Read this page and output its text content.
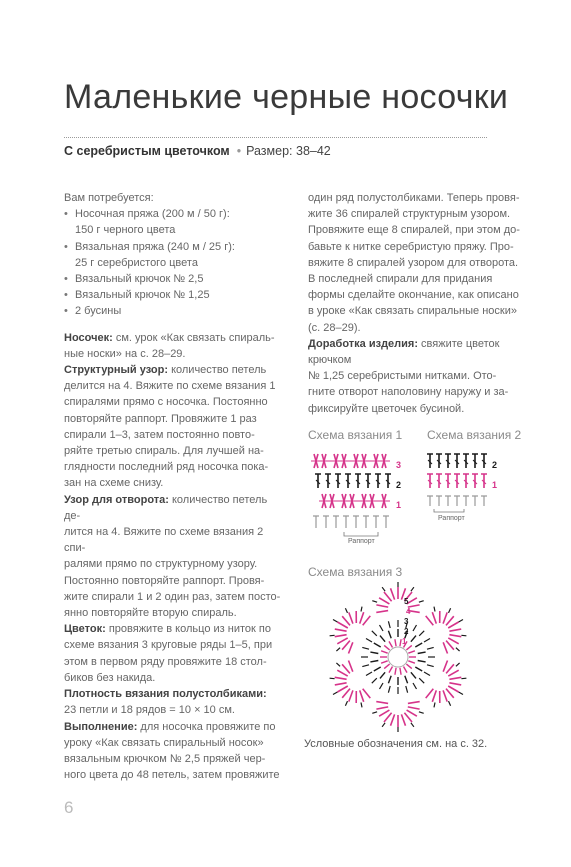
Маленькие черные носочки
С серебристым цветочком • Размер: 38–42

Вам потребуется:

• Носочная пряжа (200 м / 50 г):

150 г черного цвета

• Вязальная пряжа (240 м / 25 г):

25 г серебристого цвета

• Вязальный крючок № 2,5

• Вязальный крючок № 1,25

• 2 бусины

Носочек: см. урок «Как связать спираль-

ные носки» на с. 28–29.

Структурный узор: количество петель

делится на 4. Вяжите по схеме вязания 1

спиралями прямо с носочка. Постоянно

повторяйте раппорт. Провяжите 1 раз

спирали 1–3, затем постоянно повто-

ряйте третью спираль. Для лучшей на-

глядности последний ряд носочка пока-

зан на схеме снизу.

Узор для отворота: количество петель де-

лится на 4. Вяжите по схеме вязания 2 спи-

ралями прямо по структурному узору.

Постоянно повторяйте раппорт. Провя-

жите спирали 1 и 2 один раз, затем посто-

янно повторяйте вторую спираль.

Цветок: провяжите в кольцо из ниток по

схеме вязания 3 круговые ряды 1–5, при

этом в первом ряду провяжите 18 стол-

биков без накида.

Плотность вязания полустолбиками:

23 петли и 18 рядов = 10 × 10 см.

Выполнение: для носочка провяжите по

уроку «Как связать спиральный носок»

вязальным крючком № 2,5 пряжей чер-

ного цвета до 48 петель, затем провяжите

один ряд полустолбиками. Теперь провя-

жите 36 спиралей структурным узором.

Провяжите еще 8 спиралей, при этом до-

бавьте к нитке серебристую пряжу. Про-

вяжите 8 спиралей узором для отворота.

В последней спирали для придания

формы сделайте окончание, как описано

в уроке «Как связать спиральные носки»

(с. 28–29).

Доработка изделия: свяжите цветок крючком

№ 1,25 серебристыми нитками. Ото-

гните отворот наполовину наружу и за-

фиксируйте цветочек бусиной.

Схема вязания 1 Схема вязания 2
Схема вязания 3
Раппорт
3
2
1
Раппорт
2
1
5
4
3
2
1
Условные обозначения см. на с. 32.
6
